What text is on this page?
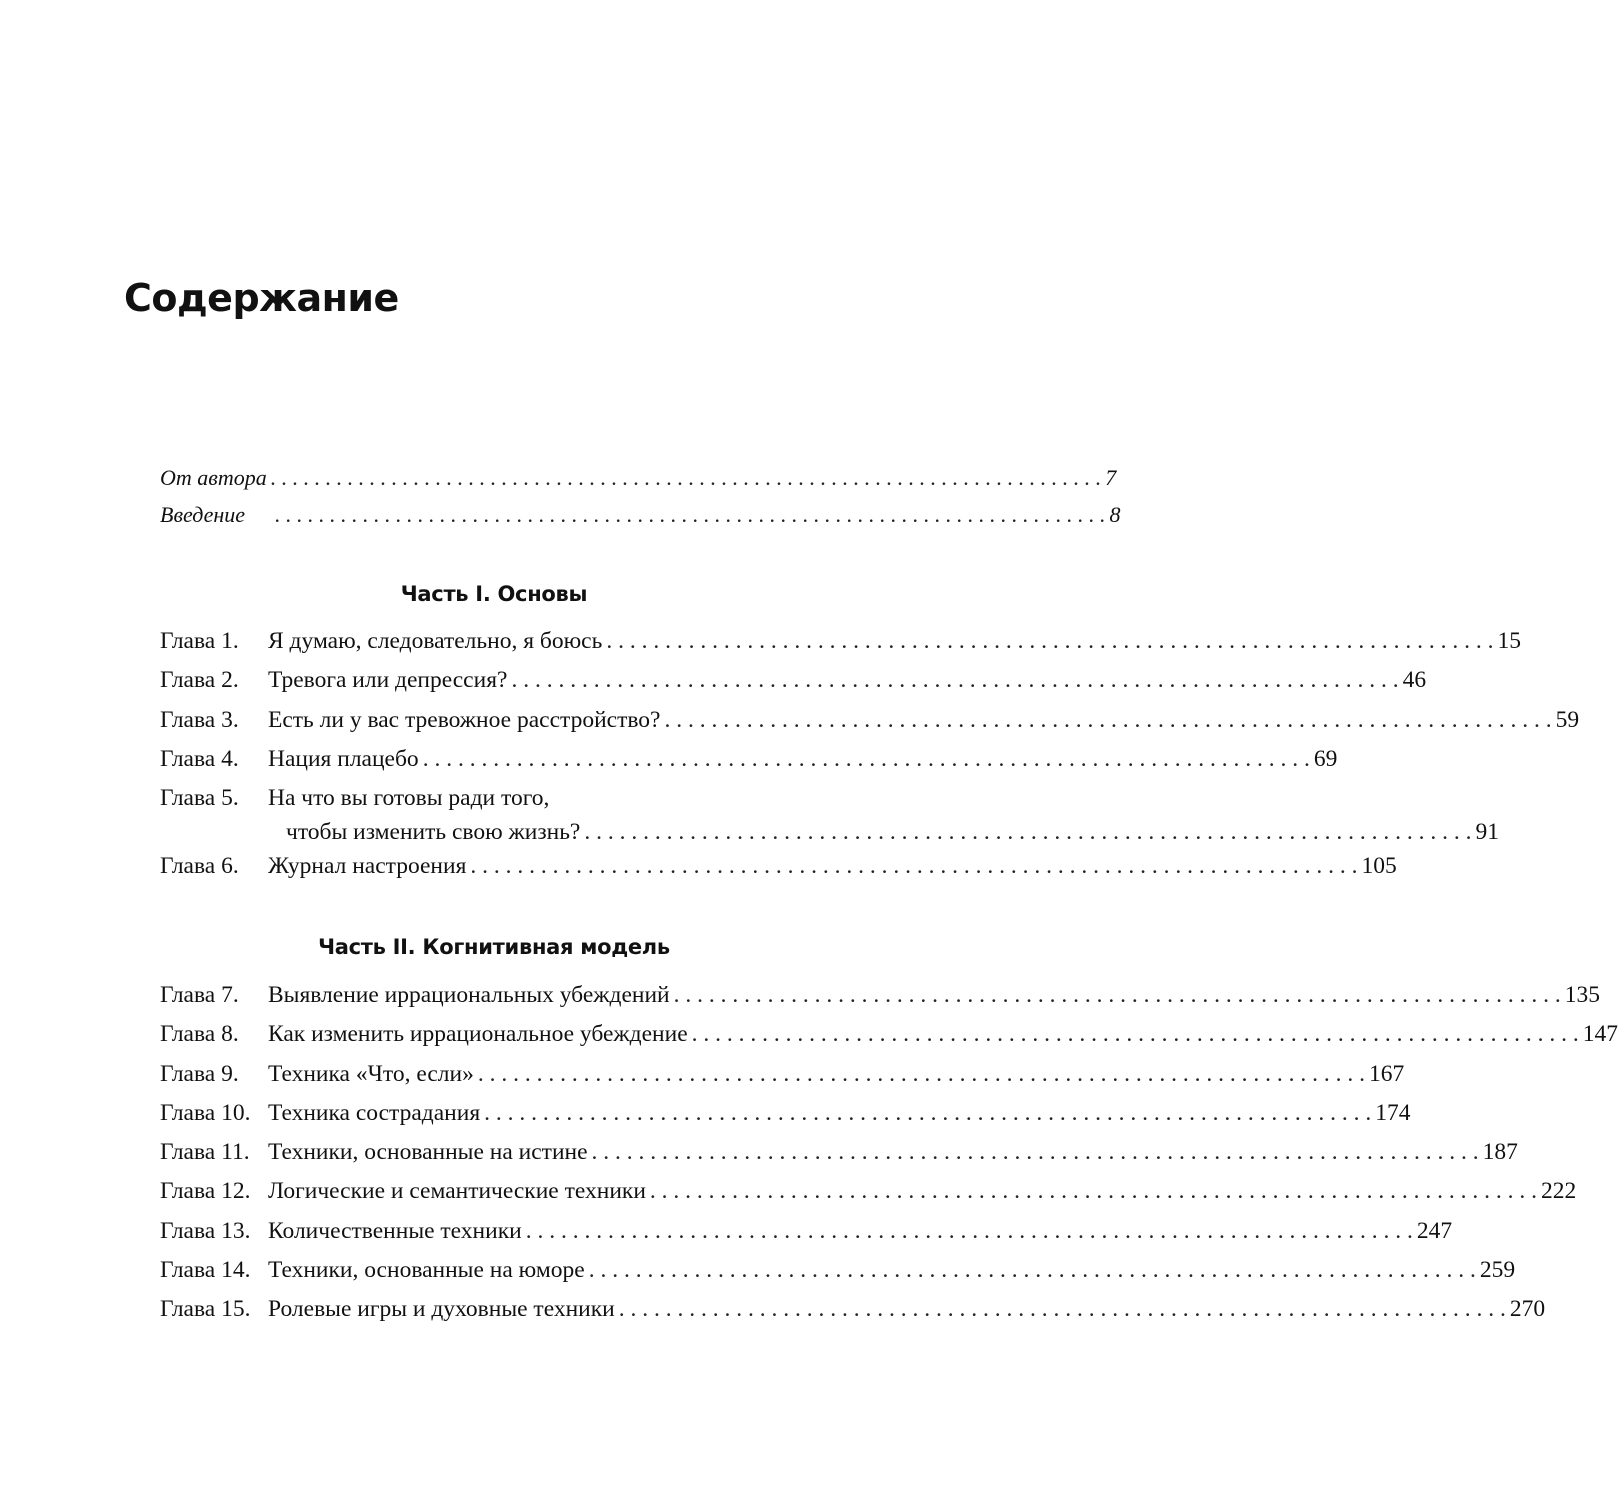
Содержание
От автора . . .	7
Введение . . .	8
Часть I. Основы
Глава 1.	Я думаю, следовательно, я боюсь . . .	15
Глава 2.	Тревога или депрессия? . . .	46
Глава 3.	Есть ли у вас тревожное расстройство? . . .	59
Глава 4.	Нация плацебо . . .	69
Глава 5.	На что вы готовы ради того,
чтобы изменить свою жизнь? . . .	91
Глава 6.	Журнал настроения . . .	105
Часть II. Когнитивная модель
Глава 7.	Выявление иррациональных убеждений . . .	135
Глава 8.	Как изменить иррациональное убеждение . . .	147
Глава 9.	Техника «Что, если» . . .	167
Глава 10. Техника сострадания . . .	174
Глава 11. Техники, основанные на истине . . .	187
Глава 12. Логические и семантические техники . . .	222
Глава 13. Количественные техники . . .	247
Глава 14. Техники, основанные на юморе . . .	259
Глава 15. Ролевые игры и духовные техники . . .	270
